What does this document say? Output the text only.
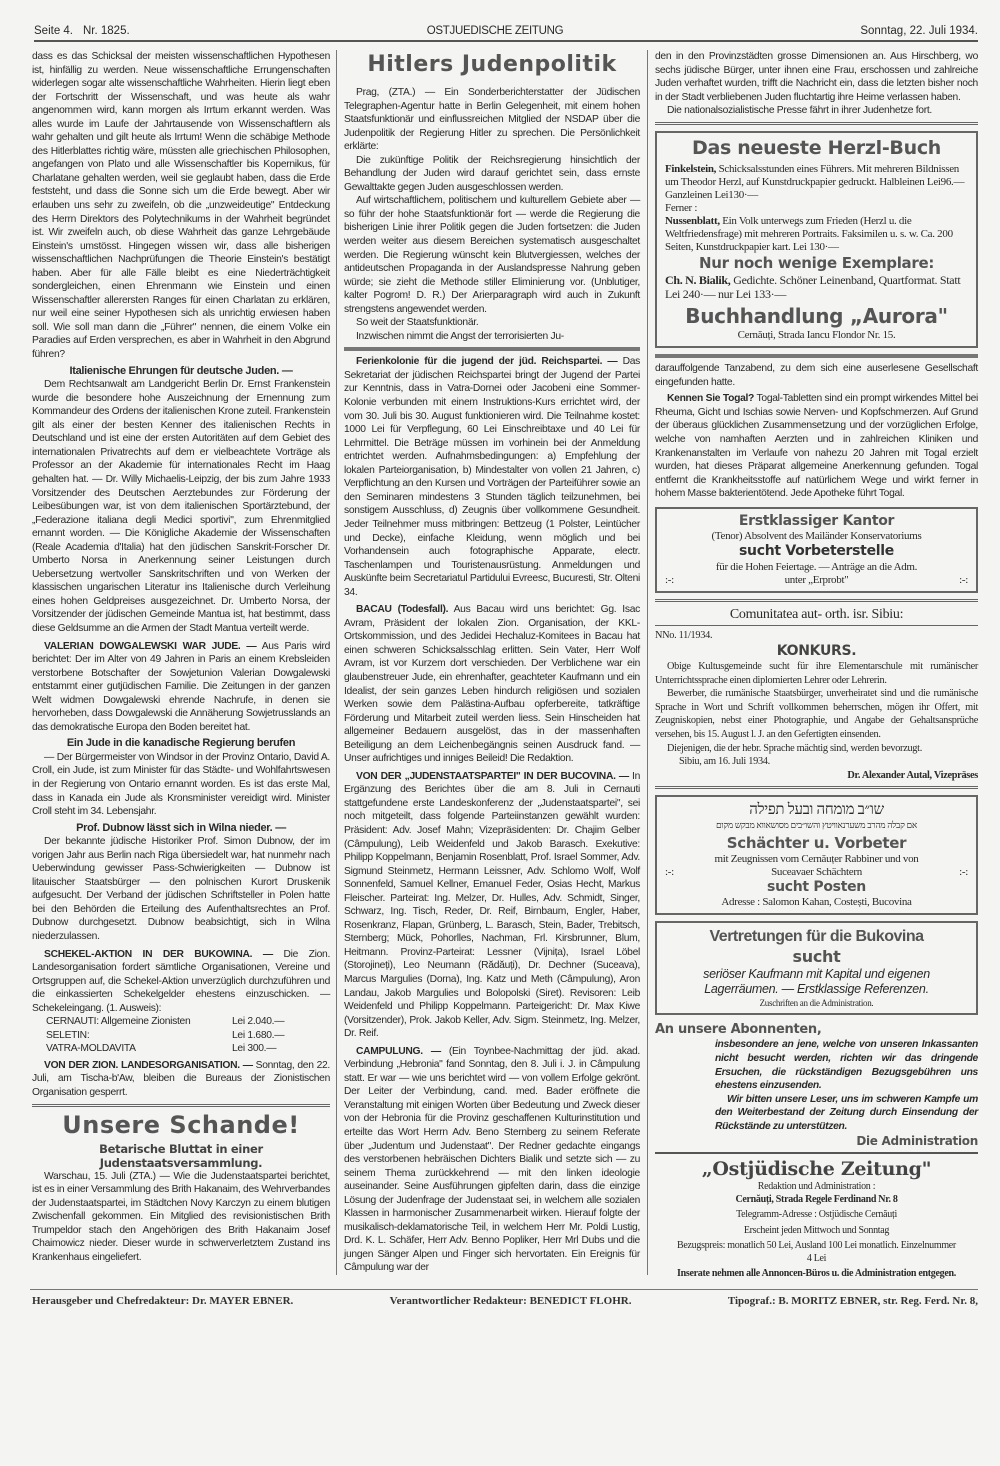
Seite 4. Nr. 1825.	OSTJUEDISCHE ZEITUNG	Sonntag, 22. Juli 1934.

dass es das Schicksal der meisten wissenschaftlichen Hypothesen ist, hinfällig zu werden. Neue wissenschaftliche Errungenschaften widerlegen sogar alte wissenschaftliche Wahrheiten. Hierin liegt eben der Fortschritt der Wissenschaft, und was heute als wahr angenommen wird, kann morgen als Irrtum erkannt werden. Was alles wurde im Laufe der Jahrtausende von Wissenschaftlern als wahr gehalten und gilt heute als Irrtum! Wenn die schäbige Methode des Hitlerblattes richtig wäre, müssten alle griechischen Philosophen, angefangen von Plato und alle Wissenschaftler bis Kopernikus, für Charlatane gehalten werden, weil sie geglaubt haben, dass die Erde feststeht, und dass die Sonne sich um die Erde bewegt. Aber wir erlauben uns sehr zu zweifeln, ob die „unzweideutige" Entdeckung des Herrn Direktors des Polytechnikums in der Wahrheit begründet ist. Wir zweifeln auch, ob diese Wahrheit das ganze Lehrgebäude Einstein's umstösst. Hingegen wissen wir, dass alle bisherigen wissenschaftlichen Nachprüfungen die Theorie Einstein's bestätigt haben. Aber für alle Fälle bleibt es eine Niederträchtigkeit sondergleichen, einen Ehrenmann wie Einstein und einen Wissenschaftler allerersten Ranges für einen Charlatan zu erklären, nur weil eine seiner Hypothesen sich als unrichtig erwiesen haben soll. Wie soll man dann die „Führer" nennen, die einem Volke ein Paradies auf Erden versprechen, es aber in Wahrheit in den Abgrund führen?

Italienische Ehrungen für deutsche Juden. —

Dem Rechtsanwalt am Landgericht Berlin Dr. Ernst Frankenstein wurde die besondere hohe Auszeichnung der Ernennung zum Kommandeur des Ordens der italienischen Krone zuteil. Frankenstein gilt als einer der besten Kenner des italienischen Rechts in Deutschland und ist eine der ersten Autoritäten auf dem Gebiet des internationalen Privatrechts auf dem er vielbeachtete Vorträge als Professor an der Akademie für internationales Recht im Haag gehalten hat. — Dr. Willy Michaelis-Leipzig, der bis zum Jahre 1933 Vorsitzender des Deutschen Aerztebundes zur Förderung der Leibesübungen war, ist von dem italienischen Sportärztebund, der „Federazione italiana degli Medici sportivi", zum Ehrenmitglied ernannt worden. — Die Königliche Akademie der Wissenschaften (Reale Academia d'Italia) hat den jüdischen Sanskrit-Forscher Dr. Umberto Norsa in Anerkennung seiner Leistungen durch Uebersetzung wertvoller Sanskritschriften und von Werken der klassischen ungarischen Literatur ins Italienische durch Verleihung eines hohen Geldpreises ausgezeichnet. Dr. Umberto Norsa, der Vorsitzender der jüdischen Gemeinde Mantua ist, hat bestimmt, dass diese Geldsumme an die Armen der Stadt Mantua verteilt werde.

VALERIAN DOWGALEWSKI WAR JUDE. — Aus Paris wird berichtet: Der im Alter von 49 Jahren in Paris an einem Krebsleiden verstorbene Botschafter der Sowjetunion Valerian Dowgalewski entstammt einer gutjüdischen Familie. Die Zeitungen in der ganzen Welt widmen Dowgalewski ehrende Nachrufe, in denen sie hervorheben, dass Dowgalewski die Annäherung Sowjetrusslands an das demokratische Europa den Boden bereitet hat.

Ein Jude in die kanadische Regierung berufen

— Der Bürgermeister von Windsor in der Provinz Ontario, David A. Croll, ein Jude, ist zum Minister für das Städte- und Wohlfahrtswesen in der Regierung von Ontario ernannt worden. Es ist das erste Mal, dass in Kanada ein Jude als Kronsminister vereidigt wird. Minister Croll steht im 34. Lebensjahr.

Prof. Dubnow lässt sich in Wilna nieder. —

Der bekannte jüdische Historiker Prof. Simon Dubnow, der im vorigen Jahr aus Berlin nach Riga übersiedelt war, hat nunmehr nach Ueberwindung gewisser Pass-Schwierigkeiten — Dubnow ist litauischer Staatsbürger — den polnischen Kurort Druskenik aufgesucht. Der Verband der jüdischen Schriftsteller in Polen hatte bei den Behörden die Erteilung des Aufenthaltsrechtes an Prof. Dubnow durchgesetzt. Dubnow beabsichtigt, sich in Wilna niederzulassen.

SCHEKEL-AKTION IN DER BUKOWINA. — Die Zion. Landesorganisation fordert sämtliche Organisationen, Vereine und Ortsgruppen auf, die Schekel-Aktion unverzüglich durchzuführen und die einkassierten Schekelgelder ehestens einzuschicken. — Schekeleingang. (1. Ausweis):

CERNAUTI: Allgemeine Zionisten	Lei 2.040.—
SELETIN:	Lei 1.680.—
VATRA-MOLDAVITA	Lei 300.—

VON DER ZION. LANDESORGANISATION. — Sonntag, den 22. Juli, am Tischa-b'Aw, bleiben die Bureaus der Zionistischen Organisation gesperrt.

Unsere Schande!

Betarische Bluttat in einer Judenstaatsversammlung.

Warschau, 15. Juli (ZTA.) — Wie die Judenstaatspartei berichtet, ist es in einer Versammlung des Brith Hakanaim, des Wehrverbandes der Judenstaatspartei, im Städtchen Novy Karczyn zu einem blutigen Zwischenfall gekommen. Ein Mitglied des revisionistischen Brith Trumpeldor stach den Angehörigen des Brith Hakanaim Josef Chaimowicz nieder. Dieser wurde in schwerverletztem Zustand ins Krankenhaus eingeliefert.

Hitlers Judenpolitik

Prag, (ZTA.) — Ein Sonderberichterstatter der Jüdischen Telegraphen-Agentur hatte in Berlin Gelegenheit, mit einem hohen Staatsfunktionär und einflussreichen Mitglied der NSDAP über die Judenpolitik der Regierung Hitler zu sprechen. Die Persönlichkeit erklärte:

Die zukünftige Politik der Reichsregierung hinsichtlich der Behandlung der Juden wird darauf gerichtet sein, dass ernste Gewalttakte gegen Juden ausgeschlossen werden.

Auf wirtschaftlichem, politischem und kulturellem Gebiete aber — so führ der hohe Staatsfunktionär fort — werde die Regierung die bisherigen Linie ihrer Politik gegen die Juden fortsetzen: die Juden werden weiter aus diesem Bereichen systematisch ausgeschaltet werden. Die Regierung wünscht kein Blutvergiessen, welches der antideutschen Propaganda in der Auslandspresse Nahrung geben würde; sie zieht die Methode stiller Eliminierung vor. (Unblutiger, kalter Pogrom! D. R.) Der Arierparagraph wird auch in Zukunft strengstens angewendet werden.

So weit der Staatsfunktionär.

Inzwischen nimmt die Angst der terrorisierten Ju-

Ferienkolonie für die jugend der jüd. Reichspartei. — Das Sekretariat der jüdischen Reichspartei bringt der Jugend der Partei zur Kenntnis, dass in Vatra-Dornei oder Jacobeni eine Sommer-Kolonie verbunden mit einem Instruktions-Kurs errichtet wird, der vom 30. Juli bis 30. August funktionieren wird. Die Teilnahme kostet: 1000 Lei für Verpflegung, 60 Lei Einschreibtaxe und 40 Lei für Lehrmittel. Die Beträge müssen im vorhinein bei der Anmeldung entrichtet werden. Aufnahmsbedingungen: a) Empfehlung der lokalen Parteiorganisation, b) Mindestalter von vollen 21 Jahren, c) Verpflichtung an den Kursen und Vorträgen der Parteiführer sowie an den Seminaren mindestens 3 Stunden täglich teilzunehmen, bei sonstigem Ausschluss, d) Zeugnis über vollkommene Gesundheit. Jeder Teilnehmer muss mitbringen: Bettzeug (1 Polster, Leintücher und Decke), einfache Kleidung, wenn möglich und bei Vorhandensein auch fotographische Apparate, electr. Taschenlampen und Touristenausrüstung. Anmeldungen und Auskünfte beim Secretariatul Partidului Evreesc, Bucuresti, Str. Olteni 34.

BACAU (Todesfall). Aus Bacau wird uns berichtet: Gg. Isac Avram, Präsident der lokalen Zion. Organisation, der KKL-Ortskommission, und des Jedidei Hechaluz-Komitees in Bacau hat einen schweren Schicksalsschlag erlitten. Sein Vater, Herr Wolf Avram, ist vor Kurzem dort verschieden. Der Verblichene war ein glaubenstreuer Jude, ein ehrenhafter, geachteter Kaufmann und ein Idealist, der sein ganzes Leben hindurch religiösen und sozialen Werken sowie dem Palästina-Aufbau opferbereite, tatkräftige Förderung und Mitarbeit zuteil werden liess. Sein Hinscheiden hat allgemeiner Bedauern ausgelöst, das in der massenhaften Beteiligung an dem Leichenbegängnis seinen Ausdruck fand. — Unser aufrichtiges und inniges Beileid! Die Redaktion.

VON DER „JUDENSTAATSPARTEI" IN DER BUCOVINA. — In Ergänzung des Berichtes über die am 8. Juli in Cernauti stattgefundene erste Landeskonferenz der „Judenstaatspartei", sei noch mitgeteilt, dass folgende Parteiinstanzen gewählt wurden: Präsident: Adv. Josef Mahn; Vizepräsidenten: Dr. Chajim Gelber (Câmpulung), Leib Weidenfeld und Jakob Barasch. Exekutive: Philipp Koppelmann, Benjamin Rosenblatt, Prof. Israel Sommer, Adv. Sigmund Steinmetz, Hermann Leissner, Adv. Schlomo Wolf, Wolf Sonnenfeld, Samuel Kellner, Emanuel Feder, Osias Hecht, Markus Fleischer. Parteirat: Ing. Melzer, Dr. Hulles, Adv. Schmidt, Singer, Schwarz, Ing. Tisch, Reder, Dr. Reif, Birnbaum, Engler, Haber, Rosenkranz, Flapan, Grünberg, L. Barasch, Stein, Bader, Trebitsch, Sternberg; Mück, Pohorlles, Nachman, Frl. Kirsbrunner, Blum, Heitmann. Provinz-Parteirat: Lessner (Vijnița), Israel Löbel (Storojineți), Leo Neumann (Rădăuți), Dr. Dechner (Suceava), Marcus Margulies (Dorna), Ing. Katz und Meth (Câmpulung), Aron Landau, Jakob Margulies und Bolopolski (Siret). Revisoren: Leib Weidenfeld und Philipp Koppelmann. Parteigericht: Dr. Max Kiwe (Vorsitzender), Prok. Jakob Keller, Adv. Sigm. Steinmetz, Ing. Melzer, Dr. Reif.

CAMPULUNG. — (Ein Toynbee-Nachmittag der jüd. akad. Verbindung „Hebronia" fand Sonntag, den 8. Juli i. J. in Câmpulung statt. Er war — wie uns berichtet wird — von vollem Erfolge gekrönt. Der Leiter der Verbindung, cand. med. Bader eröffnete die Veranstaltung mit einigen Worten über Bedeutung und Zweck dieser von der Hebronia für die Provinz geschaffenen Kulturinstitution und erteilte das Wort Herrn Adv. Beno Sternberg zu seinem Referate über „Judentum und Judenstaat". Der Redner gedachte eingangs des verstorbenen hebräischen Dichters Bialik und setzte sich — zu seinem Thema zurückkehrend — mit den linken ideologie auseinander. Seine Ausführungen gipfelten darin, dass die einzige Lösung der Judenfrage der Judenstaat sei, in welchem alle sozialen Klassen in harmonischer Zusammenarbeit wirken. Hierauf folgte der musikalisch-deklamatorische Teil, in welchem Herr Mr. Poldi Lustig, Drd. K. L. Schäfer, Herr Adv. Benno Popliker, Herr Mrl Dubs und die jungen Sänger Alpen und Finger sich hervortaten. Ein Ereignis für Câmpulung war der

den in den Provinzstädten grosse Dimensionen an. Aus Hirschberg, wo sechs jüdische Bürger, unter ihnen eine Frau, erschossen und zahlreiche Juden verhaftet wurden, trifft die Nachricht ein, dass die letzten bisher noch in der Stadt verbliebenen Juden fluchtartig ihre Heime verlassen haben.

Die nationalsozialistische Presse fährt in ihrer Judenhetze fort.

Das neueste Herzl-Buch
Finkelstein, Schicksalsstunden eines Führers. Mit mehreren Bildnissen um Theodor Herzl, auf Kunstdruckpapier gedruckt. Halbleinen Lei96.—Ganzleinen Lei130·—
Ferner :
Nussenblatt, Ein Volk unterwegs zum Frieden (Herzl u. die Weltfriedensfrage) mit mehreren Portraits. Faksimilen u. s. w. Ca. 200 Seiten, Kunstdruckpapier kart. Lei 130·—
Nur noch wenige Exemplare:
Ch. N. Bialik, Gedichte. Schöner Leinenband, Quartformat. Statt Lei 240·— nur Lei 133·—
Buchhandlung „Aurora"
Cernăuți, Strada Iancu Flondor Nr. 15.

darauffolgende Tanzabend, zu dem sich eine auserlesene Gesellschaft eingefunden hatte.

Kennen Sie Togal? Togal-Tabletten sind ein prompt wirkendes Mittel bei Rheuma, Gicht und Ischias sowie Nerven- und Kopfschmerzen. Auf Grund der überaus glücklichen Zusammensetzung und der vorzüglichen Erfolge, welche von namhaften Aerzten und in zahlreichen Kliniken und Krankenanstalten im Verlaufe von nahezu 20 Jahren mit Togal erzielt wurden, hat dieses Präparat allgemeine Anerkennung gefunden. Togal entfernt die Krankheitsstoffe auf natürlichem Wege und wirkt ferner in hohem Masse bakterientötend. Jede Apotheke führt Togal.

Erstklassiger Kantor
(Tenor) Absolvent des Mailänder Konservatoriums
sucht Vorbeterstelle
für die Hohen Feiertage. — Anträge an die Adm.
:-:	unter „Erprobt"	:-:
Comunitatea aut- orth. isr. Sibiu:

NNo. 11/1934.

KONKURS.

Obige Kultusgemeinde sucht für ihre Elementarschule mit rumänischer Unterrichtssprache einen diplomierten Lehrer oder Lehrerin.

Bewerber, die rumänische Staatsbürger, unverheiratet sind und die rumänische Sprache in Wort und Schrift vollkommen beherrschen, mögen ihr Offert, mit Zeugniskopien, nebst einer Photographie, und Angabe der Gehaltsansprüche versehen, bis 15. August l. J. an den Gefertigten einsenden.

Diejenigen, die der hebr. Sprache mächtig sind, werden bevorzugt.

Sibiu, am 16. Juli 1934.

Dr. Alexander Autal, Vizepräses

שו״ב מומחה ובעל תפילה
אם קבלה מהרב משערנאוויטץ והשו״בים מסושאווא מבקש מקום
Schächter u. Vorbeter
mit Zeugnissen vom Cernăuțer Rabbiner und von
:-:	Suceavaer Schächtern	:-:
sucht Posten
Adresse : Salomon Kahan, Costești, Bucovina
Vertretungen für die Bukovina
sucht
seriöser Kaufmann mit Kapital und eigenen Lagerräumen. — Erstklassige Referenzen.
Zuschriften an die Administration.
An unsere Abonnenten,

insbesondere an jene, welche von unseren Inkassanten nicht besucht werden, richten wir das dringende Ersuchen, die rückständigen Bezugsgebühren uns ehestens einzusenden.

Wir bitten unsere Leser, uns im schweren Kampfe um den Weiterbestand der Zeitung durch Einsendung der Rückstände zu unterstützen.

Die Administration

„Ostjüdische Zeitung"
Redaktion und Administration :
Cernăuți, Strada Regele Ferdinand Nr. 8
Telegramm-Adresse : Ostjüdische Cernăuți
Erscheint jeden Mittwoch und Sonntag
Bezugspreis: monatlich 50 Lei, Ausland 100 Lei monatlich. Einzelnummer 4 Lei
Inserate nehmen alle Annoncen-Büros u. die Administration entgegen.
Herausgeber und Chefredakteur: Dr. MAYER EBNER.	Verantwortlicher Redakteur: BENEDICT FLOHR.	Tipograf.: B. MORITZ EBNER, str. Reg. Ferd. Nr. 8,
